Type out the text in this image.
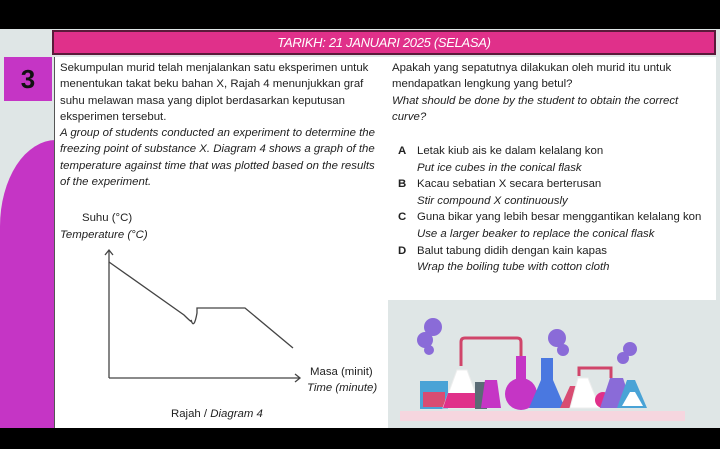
TARIKH: 21 JANUARI 2025 (SELASA)
3	Sekumpulan murid telah menjalankan satu eksperimen untuk menentukan takat beku bahan X, Rajah 4 menunjukkan graf suhu melawan masa yang diplot berdasarkan keputusan eksperimen tersebut.
A group of students conducted an experiment to determine the freezing point of substance X. Diagram 4 shows a graph of the temperature against time that was plotted based on the results of the experiment.
Apakah yang sepatutnya dilakukan oleh murid itu untuk mendapatkan lengkung yang betul?
What should be done by the student to obtain the correct curve?
A Letak kiub ais ke dalam kelalang kon
Put ice cubes in the conical flask
B Kacau sebatian X secara berterusan
Stir compound X continuously
C Guna bikar yang lebih besar menggantikan kelalang kon
Use a larger beaker to replace the conical flask
D Balut tabung didih dengan kain kapas
Wrap the boiling tube with cotton cloth
Suhu (°C)
Temperature (°C)
Masa (minit)
Time (minute)
Rajah / Diagram 4
